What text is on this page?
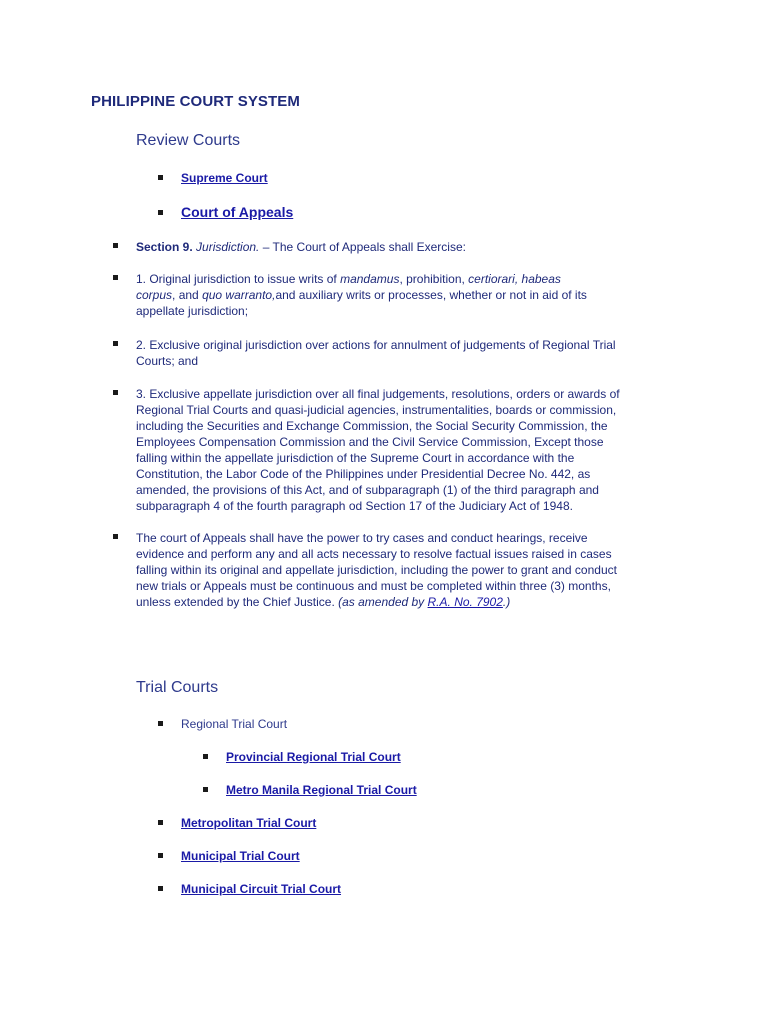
PHILIPPINE COURT SYSTEM
Review Courts
Supreme Court
Court of Appeals
Section 9. Jurisdiction. – The Court of Appeals shall Exercise:
1. Original jurisdiction to issue writs of mandamus, prohibition, certiorari, habeas
corpus, and quo warranto,and auxiliary writs or processes, whether or not in aid of its
appellate jurisdiction;
2. Exclusive original jurisdiction over actions for annulment of judgements of Regional Trial
Courts; and
3. Exclusive appellate jurisdiction over all final judgements, resolutions, orders or awards of
Regional Trial Courts and quasi-judicial agencies, instrumentalities, boards or commission,
including the Securities and Exchange Commission, the Social Security Commission, the
Employees Compensation Commission and the Civil Service Commission, Except those
falling within the appellate jurisdiction of the Supreme Court in accordance with the
Constitution, the Labor Code of the Philippines under Presidential Decree No. 442, as
amended, the provisions of this Act, and of subparagraph (1) of the third paragraph and
subparagraph 4 of the fourth paragraph od Section 17 of the Judiciary Act of 1948.
The court of Appeals shall have the power to try cases and conduct hearings, receive
evidence and perform any and all acts necessary to resolve factual issues raised in cases
falling within its original and appellate jurisdiction, including the power to grant and conduct
new trials or Appeals must be continuous and must be completed within three (3) months,
unless extended by the Chief Justice. (as amended by R.A. No. 7902.)
Trial Courts
Regional Trial Court
Provincial Regional Trial Court
Metro Manila Regional Trial Court
Metropolitan Trial Court
Municipal Trial Court
Municipal Circuit Trial Court
